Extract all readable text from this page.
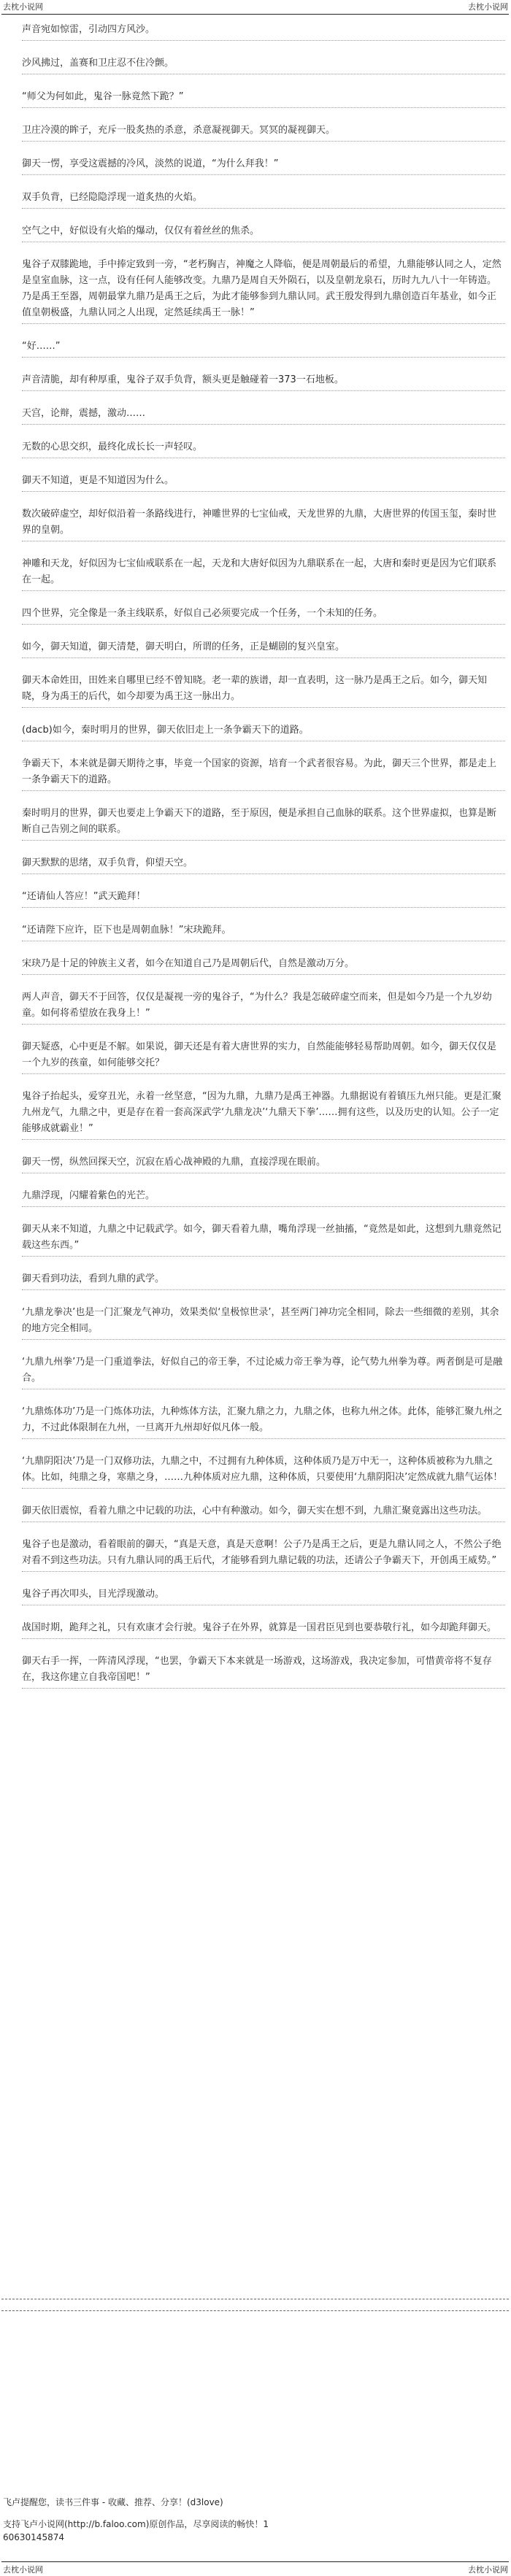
去枕小说网	去枕小说网
声音宛如惊雷，引动四方风沙。
沙风拂过，盖赛和卫庄忍不住冷颤。
“师父为何如此，鬼谷一脉竟然下跪？”
卫庄冷漠的眸子，充斥一股炙热的杀意，杀意凝视御天。冥冥的凝视御天。
御天一愣，享受这震撼的冷风，淡然的说道，“为什么拜我！”
双手负背，已经隐隐浮现一道炙热的火焰。
空气之中，好似设有火焰的爆动，仅仅有着丝丝的焦杀。
鬼谷子双膝跪地，手中捧定致到一旁，“老朽胸吉，神魔之人降临，便是周朝最后的希望，九鼎能够认同之人，定然是皇室血脉，这一点，设有任何人能够改变。九鼎乃是周自天外陨石，以及皇朝龙泉石，历时九九八十一年铸造。乃是禹王至器，周朝最掌九鼎乃是禹王之后，为此才能够参到九鼎认同。武王殷发得到九鼎创造百年基业，如今正值皇朝极盛，九鼎认同之人出现，定然延续禹王一脉！”
“好……”
声音清脆，却有种厚重，鬼谷子双手负背，额头更是触碰着一373一石地板。
天宫，论辩，震撼，激动……
无数的心思交织，最终化成长长一声轻叹。
御天不知道，更是不知道因为什么。
数次破碎虚空，却好似沿着一条路线进行，神雕世界的七宝仙戒，天龙世界的九鼎，大唐世界的传国玉玺，秦时世界的皇朝。
神雕和天龙，好似因为七宝仙戒联系在一起，天龙和大唐好似因为九鼎联系在一起，大唐和秦时更是因为它们联系在一起。
四个世界，完全像是一条主线联系，好似自己必须要完成一个任务，一个未知的任务。
如今，御天知道，御天清楚，御天明白，所谓的任务，正是蝴剧的复兴皇室。
御天本命姓田，田姓来自哪里已经不曾知晓。老一辈的族谱，却一直表明，这一脉乃是禹王之后。如今，御天知晓，身为禹王的后代，如今却要为禹王这一脉出力。
(dacb)如今，秦时明月的世界，御天依旧走上一条争霸天下的道路。
争霸天下，本来就是御天期待之事，毕竟一个国家的资源，培育一个武者很容易。为此，御天三个世界，都是走上一条争霸天下的道路。
秦时明月的世界，御天也要走上争霸天下的道路，至于原因，便是承担自己血脉的联系。这个世界虚拟，也算是断断自己告别之间的联系。
御天默默的思绪，双手负背，仰望天空。
“还请仙人答应！”武天跪拜！
“还请陛下应许，臣下也是周朝血脉！”宋玦跪拜。
宋玦乃是十足的钟族主义者，如今在知道自己乃是周朝后代，自然是激动万分。
两人声音，御天不于回答，仅仅是凝视一旁的鬼谷子，“为什么？我是怎破碎虚空而来，但是如今乃是一个九岁幼童。如何将希望放在我身上！”
御天疑惑，心中更是不解。如果说，御天还是有着大唐世界的实力，自然能能够轻易帮助周朝。如今，御天仅仅是一个九岁的孩童，如何能够交托？
鬼谷子抬起头，爱穿丑光，永着一丝坚意，“因为九鼎，九鼎乃是禹王神器。九鼎据说有着镇压九州只能。更是汇聚九州龙气，九鼎之中，更是存在着一套高深武学‘九鼎龙决’‘九鼎天下拳’……拥有这些，以及历史的认知。公子一定能够成就霸业！”
御天一愣，纵然回探天空，沉寂在盾心战神殿的九鼎，直接浮现在眼前。
九鼎浮现，闪耀着紫色的光芒。
御天从来不知道，九鼎之中记载武学。如今，御天看着九鼎，嘴角浮现一丝抽搐，“竟然是如此，这想到九鼎竟然记载这些东西。”
御天看到功法，看到九鼎的武学。
‘九鼎龙拳决’也是一门汇聚龙气神功，效果类似‘皇极惊世录’，甚至两门神功完全相同，除去一些细微的差别，其余的地方完全相同。
‘九鼎九州拳’乃是一门重道拳法，好似自己的帝王拳，不过论威力帝王拳为尊，论气势九州拳为尊。两者倒是可是融合。
‘九鼎炼体功’乃是一门炼体功法，九种炼体方法，汇聚九鼎之力，九鼎之体，也称九州之体。此体，能够汇聚九州之力，不过此体限制在九州，一旦离开九州却好似凡体一般。
‘九鼎阴阳决’乃是一门双修功法，九鼎之中，不过拥有九种体质，这种体质乃是万中无一，这种体质被称为九鼎之体。比如，纯鼎之身，寒鼎之身，……九种体质对应九鼎，这种体质，只要使用‘九鼎阴阳决’定然成就九鼎气运体！
御天依旧震惊，看着九鼎之中记载的功法，心中有种激动。如今，御天实在想不到，九鼎汇聚竟露出这些功法。
鬼谷子也是激动，看着眼前的御天，“真是天意，真是天意啊！公子乃是禹王之后，更是九鼎认同之人，不然公子绝对看不到这些功法。只有九鼎认同的禹王后代，才能够看到九鼎记载的功法，还请公子争霸天下，开创禹王威势。”
鬼谷子再次叩头，目光浮现激动。
战国时期，跪拜之礼，只有欢康才会行驶。鬼谷子在外界，就算是一国君臣见到也要恭敬行礼，如今却跪拜御天。
御天右手一挥，一阵清风浮现，“也罢，争霸天下本来就是一场游戏，这场游戏，我决定参加，可惜黄帝将不复存在，我这你建立自我帝国吧！”
飞卢提醒您，读书三件事 - 收藏、推荐、分享！(d3love)
支持飞卢小说网(http://b.faloo.com)原创作品，尽享阅读的畅快！1
60630145874
去枕小说网	去枕小说网
